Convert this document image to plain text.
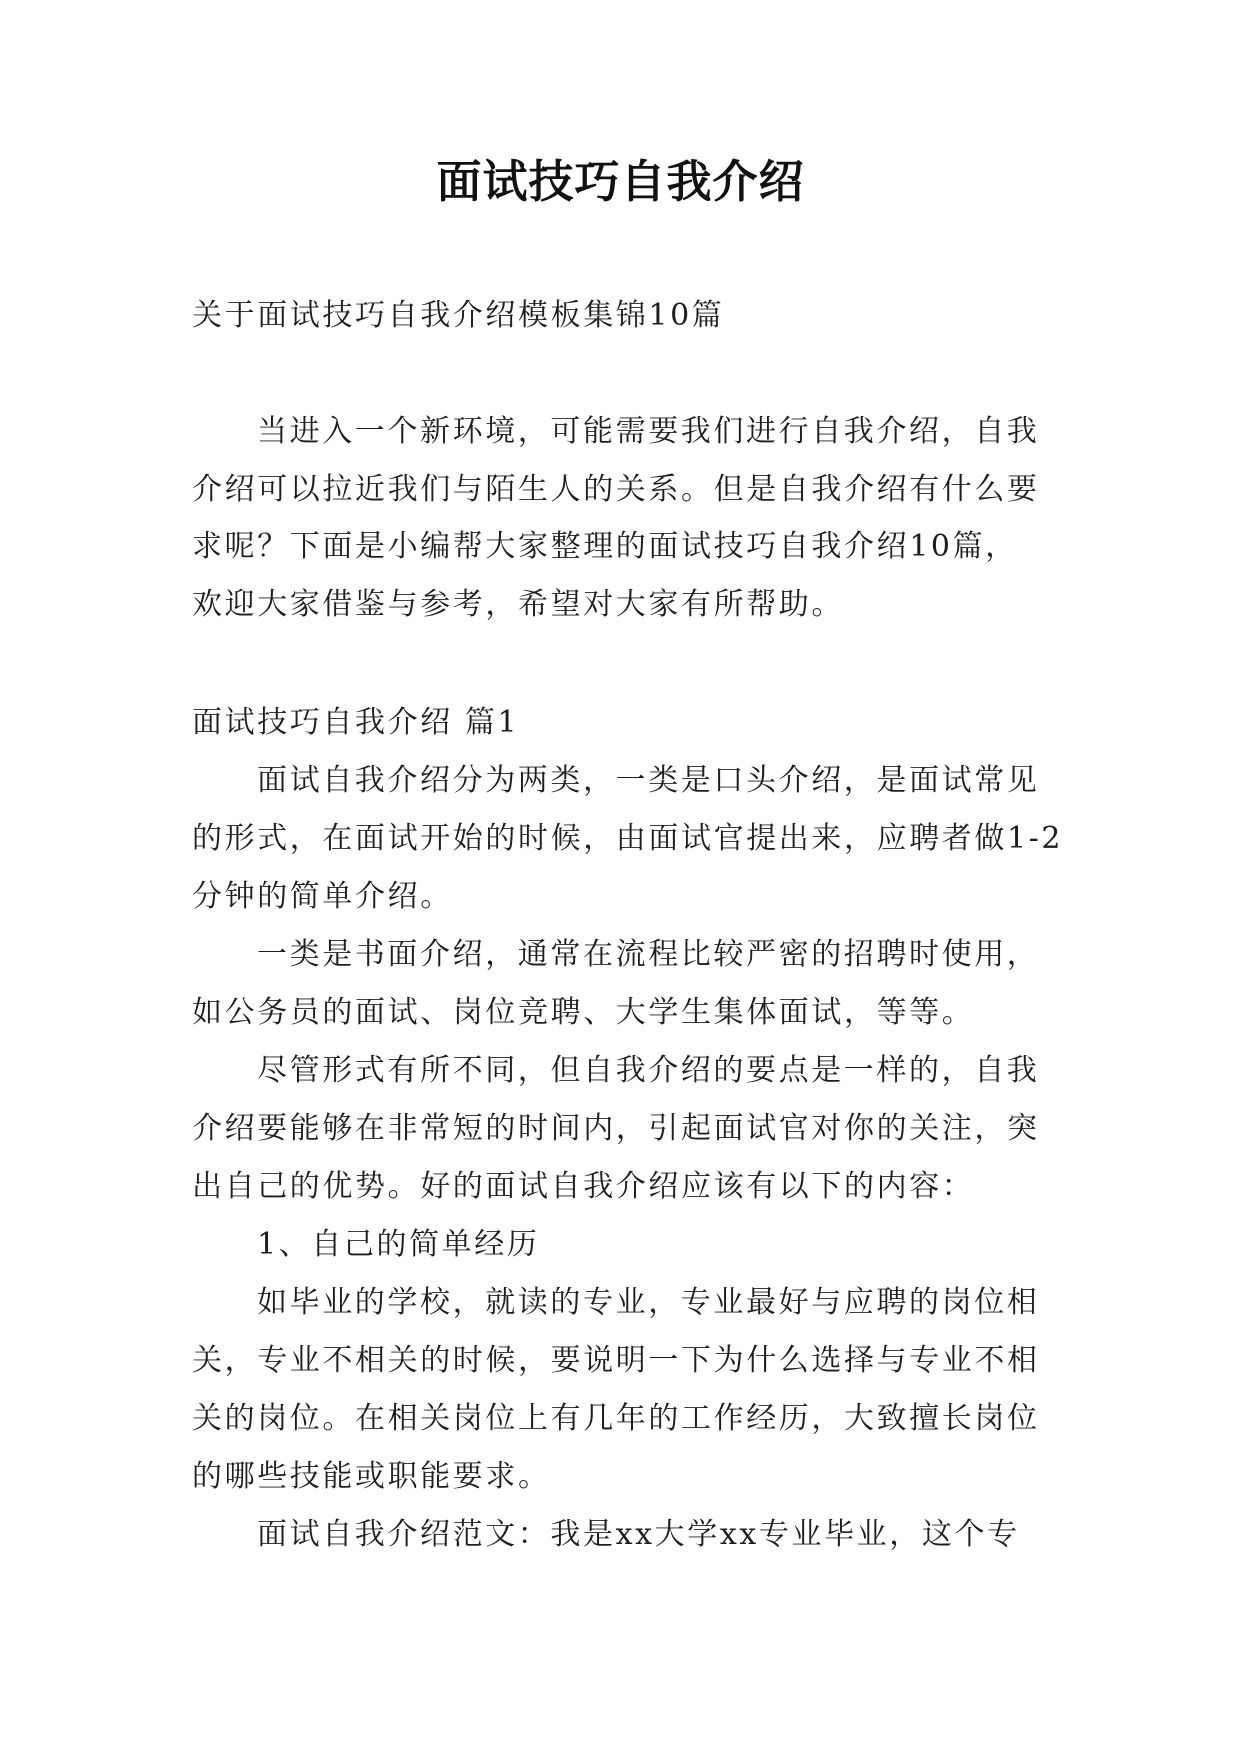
面试技巧自我介绍
关于面试技巧自我介绍模板集锦10篇
当进入一个新环境，可能需要我们进行自我介绍，自我
介绍可以拉近我们与陌生人的关系。但是自我介绍有什么要
求呢？下面是小编帮大家整理的面试技巧自我介绍10篇，
欢迎大家借鉴与参考，希望对大家有所帮助。
面试技巧自我介绍 篇1
面试自我介绍分为两类，一类是口头介绍，是面试常见
的形式，在面试开始的时候，由面试官提出来，应聘者做1-2
分钟的简单介绍。
一类是书面介绍，通常在流程比较严密的招聘时使用，
如公务员的面试、岗位竞聘、大学生集体面试，等等。
尽管形式有所不同，但自我介绍的要点是一样的，自我
介绍要能够在非常短的时间内，引起面试官对你的关注，突
出自己的优势。好的面试自我介绍应该有以下的内容：
1、自己的简单经历
如毕业的学校，就读的专业，专业最好与应聘的岗位相
关，专业不相关的时候，要说明一下为什么选择与专业不相
关的岗位。在相关岗位上有几年的工作经历，大致擅长岗位
的哪些技能或职能要求。
面试自我介绍范文：我是xx大学xx专业毕业，这个专
